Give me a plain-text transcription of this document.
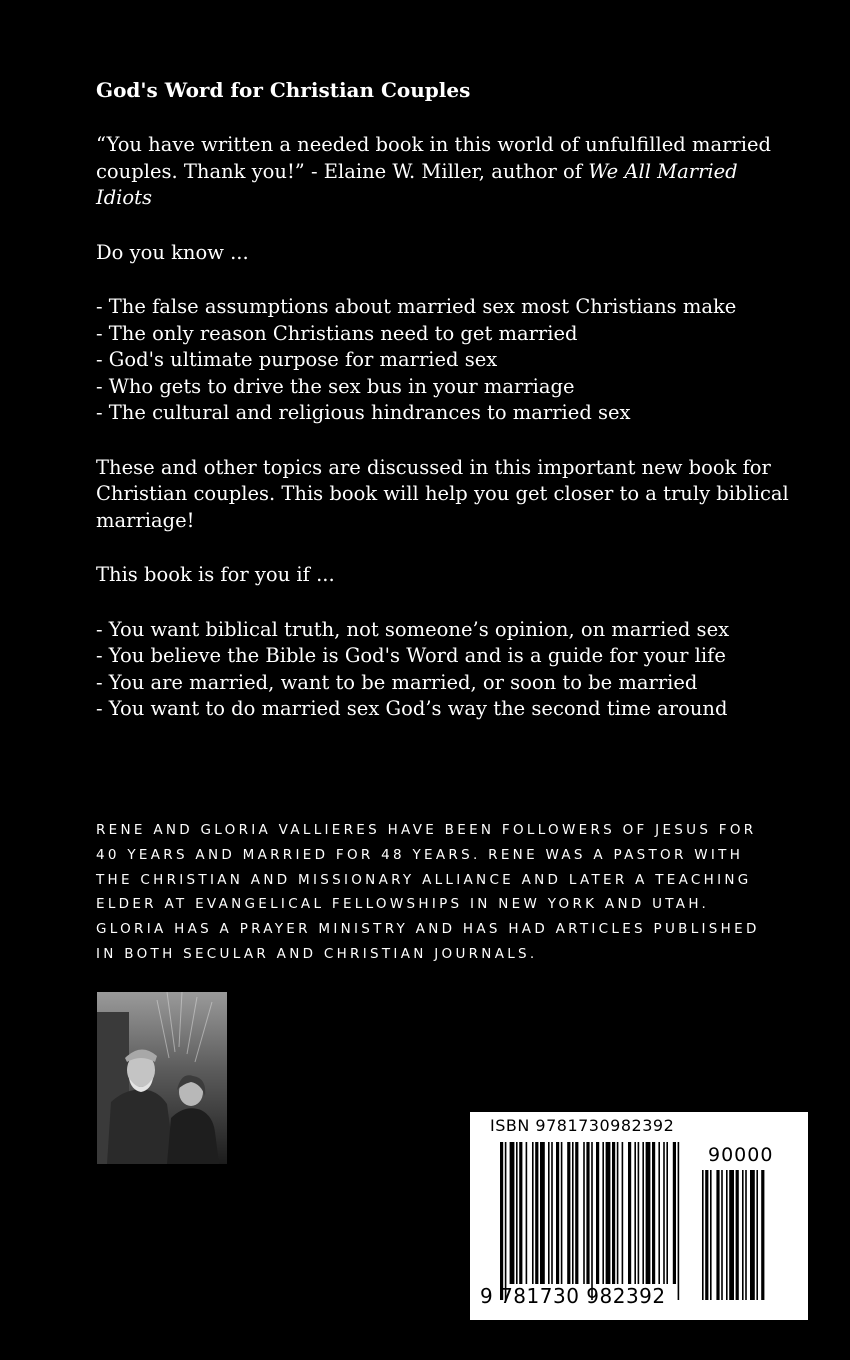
God's Word for Christian Couples

“You have written a needed book in this world of unfulfilled married couples. Thank you!” - Elaine W. Miller, author of We All Married Idiots

Do you know ...

- The false assumptions about married sex most Christians make
- The only reason Christians need to get married
- God's ultimate purpose for married sex
- Who gets to drive the sex bus in your marriage
- The cultural and religious hindrances to married sex

These and other topics are discussed in this important new book for Christian couples. This book will help you get closer to a truly biblical marriage!

This book is for you if ...

- You want biblical truth, not someone’s opinion, on married sex
- You believe the Bible is God's Word and is a guide for your life
- You are married, want to be married, or soon to be married
- You want to do married sex God’s way the second time around

RENE AND GLORIA VALLIERES HAVE BEEN FOLLOWERS OF JESUS FOR 40 YEARS AND MARRIED FOR 48 YEARS. RENE WAS A PASTOR WITH THE CHRISTIAN AND MISSIONARY ALLIANCE AND LATER A TEACHING ELDER AT EVANGELICAL FELLOWSHIPS IN NEW YORK AND UTAH. GLORIA HAS A PRAYER MINISTRY AND HAS HAD ARTICLES PUBLISHED IN BOTH SECULAR AND CHRISTIAN JOURNALS.

ISBN 9781730982392
90000
9 781730 982392
